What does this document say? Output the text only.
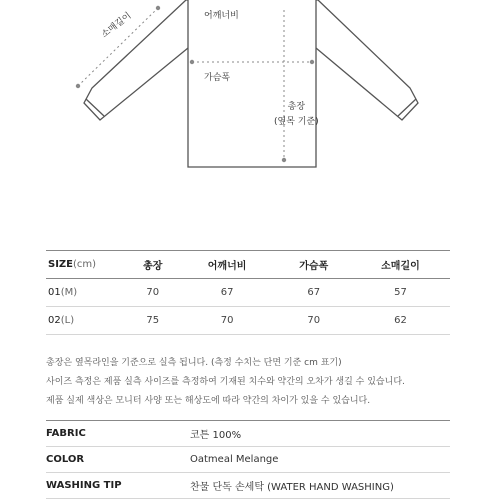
소매길이	어깨너비
가슴폭
총장
(옆목 기준)
SIZE(cm)	총장	어깨너비	가슴폭	소매길이
01(M)	70	67	67	57
02(L)	75	70	70	62
총장은 옆목라인을 기준으로 실측 됩니다. (측정 수치는 단면 기준 cm 표기)
사이즈 측정은 제품 실측 사이즈를 측정하여 기재된 치수와 약간의 오차가 생길 수 있습니다.
제품 실제 색상은 모니터 사양 또는 해상도에 따라 약간의 차이가 있을 수 있습니다.
FABRIC	코튼 100%
COLOR	Oatmeal Melange
WASHING TIP	찬물 단독 손세탁 (WATER HAND WASHING)
